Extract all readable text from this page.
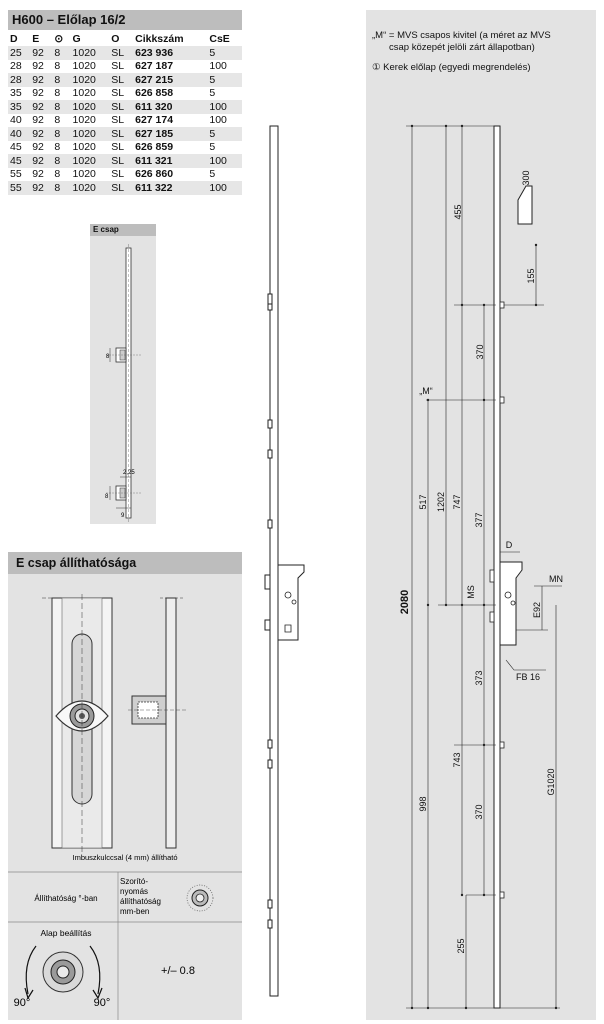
H600 – Előlap 16/2
D	E	⊙	G	O	Cikkszám	CsE
25	92	8	1020	SL	623 936	5
28	92	8	1020	SL	627 187	100
28	92	8	1020	SL	627 215	5
35	92	8	1020	SL	626 858	5
35	92	8	1020	SL	611 320	100
40	92	8	1020	SL	627 174	100
40	92	8	1020	SL	627 185	5
45	92	8	1020	SL	626 859	5
45	92	8	1020	SL	611 321	100
55	92	8	1020	SL	626 860	5
55	92	8	1020	SL	611 322	100
E csap
8
8
2,25
9
E csap állíthatósága
Imbuszkulccsal (4 mm) állítható
Állíthatóság °-ban
Szorító-
nyomás
állíthatóság
mm-ben
Alap beállítás
90°	90°
+/– 0.8
„M“ = MVS csapos kivitel (a méret az MVS
csap közepét jelöli zárt állapotban)
① Kerek előlap (egyedi megrendelés)
455
300
155
370
„M“
517 1202 747
377
2080
D
MN
MS
E92
FB 16
373
998
743
370
G1020
255
